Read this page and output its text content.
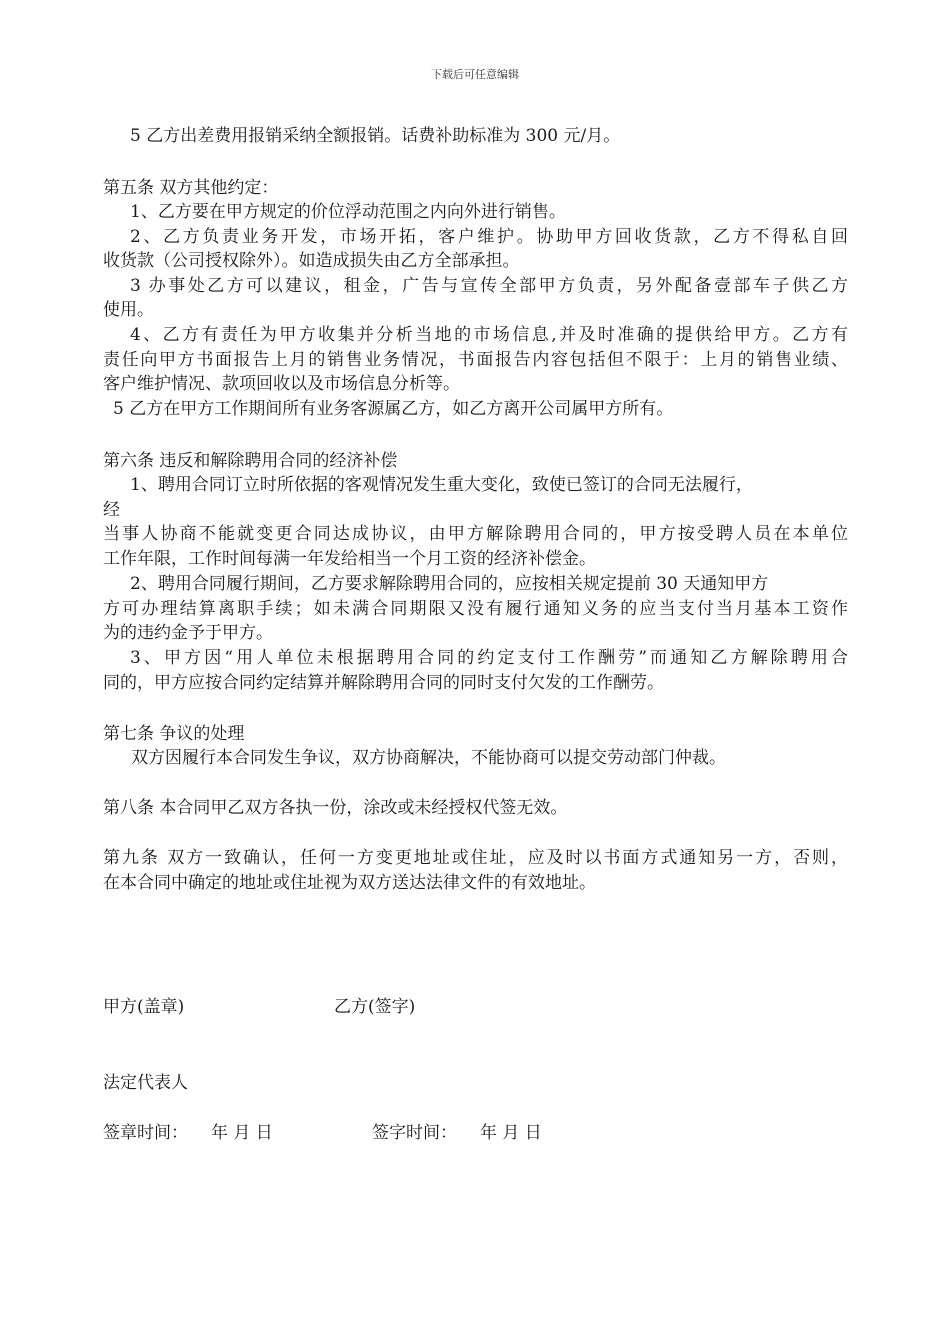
下载后可任意编辑
5 乙方出差费用报销采纳全额报销。话费补助标准为 300 元/月。
第五条 双方其他约定：
1、乙方要在甲方规定的价位浮动范围之内向外进行销售。
2、乙方负责业务开发，市场开拓，客户维护。协助甲方回收货款，乙方不得私自回
收货款（公司授权除外）。如造成损失由乙方全部承担。
3 办事处乙方可以建议，租金，广告与宣传全部甲方负责，另外配备壹部车子供乙方
使用。
4、乙方有责任为甲方收集并分析当地的市场信息,并及时准确的提供给甲方。乙方有
责任向甲方书面报告上月的销售业务情况，书面报告内容包括但不限于：上月的销售业绩、
客户维护情况、款项回收以及市场信息分析等。
5 乙方在甲方工作期间所有业务客源属乙方，如乙方离开公司属甲方所有。
第六条 违反和解除聘用合同的经济补偿
1、聘用合同订立时所依据的客观情况发生重大变化，致使已签订的合同无法履行，
经
当事人协商不能就变更合同达成协议，由甲方解除聘用合同的，甲方按受聘人员在本单位
工作年限，工作时间每满一年发给相当一个月工资的经济补偿金。
2、聘用合同履行期间，乙方要求解除聘用合同的，应按相关规定提前 30 天通知甲方
方可办理结算离职手续；如未满合同期限又没有履行通知义务的应当支付当月基本工资作
为的违约金予于甲方。
3、甲方因“用人单位未根据聘用合同的约定支付工作酬劳”而通知乙方解除聘用合
同的，甲方应按合同约定结算并解除聘用合同的同时支付欠发的工作酬劳。
第七条 争议的处理
双方因履行本合同发生争议，双方协商解决，不能协商可以提交劳动部门仲裁。
第八条 本合同甲乙双方各执一份，涂改或未经授权代签无效。
第九条 双方一致确认，任何一方变更地址或住址，应及时以书面方式通知另一方，否则，
在本合同中确定的地址或住址视为双方送达法律文件的有效地址。
甲方(盖章)	乙方(签字)
法定代表人
签章时间： 年 月 日	签字时间： 年 月 日
